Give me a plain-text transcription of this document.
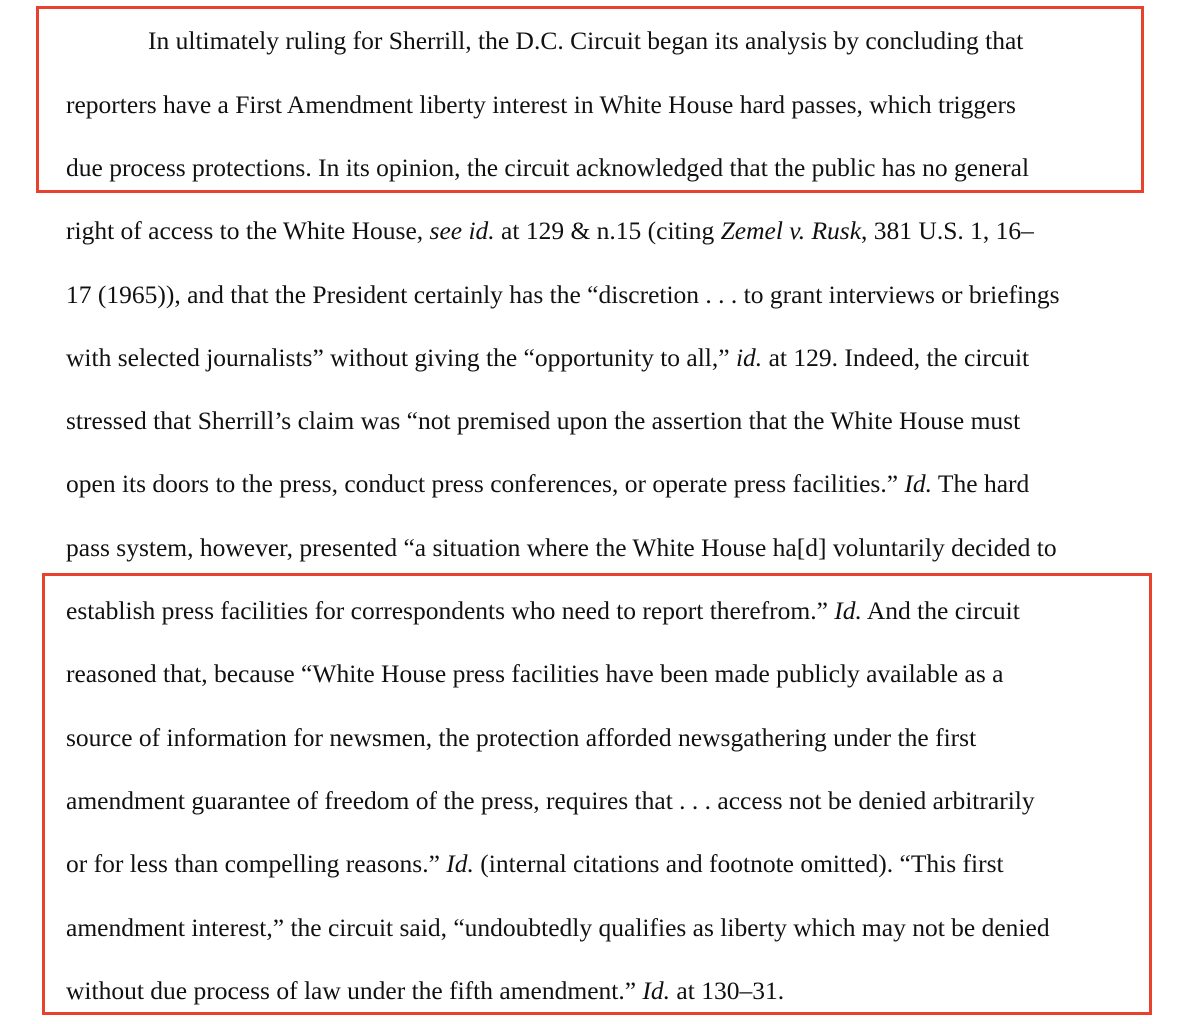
In ultimately ruling for Sherrill, the D.C. Circuit began its analysis by concluding that
reporters have a First Amendment liberty interest in White House hard passes, which triggers
due process protections. In its opinion, the circuit acknowledged that the public has no general
right of access to the White House, see id. at 129 & n.15 (citing Zemel v. Rusk, 381 U.S. 1, 16–
17 (1965)), and that the President certainly has the “discretion . . . to grant interviews or briefings
with selected journalists” without giving the “opportunity to all,” id. at 129. Indeed, the circuit
stressed that Sherrill’s claim was “not premised upon the assertion that the White House must
open its doors to the press, conduct press conferences, or operate press facilities.” Id. The hard
pass system, however, presented “a situation where the White House ha[d] voluntarily decided to
establish press facilities for correspondents who need to report therefrom.” Id. And the circuit
reasoned that, because “White House press facilities have been made publicly available as a
source of information for newsmen, the protection afforded newsgathering under the first
amendment guarantee of freedom of the press, requires that . . . access not be denied arbitrarily
or for less than compelling reasons.” Id. (internal citations and footnote omitted). “This first
amendment interest,” the circuit said, “undoubtedly qualifies as liberty which may not be denied
without due process of law under the fifth amendment.” Id. at 130–31.
